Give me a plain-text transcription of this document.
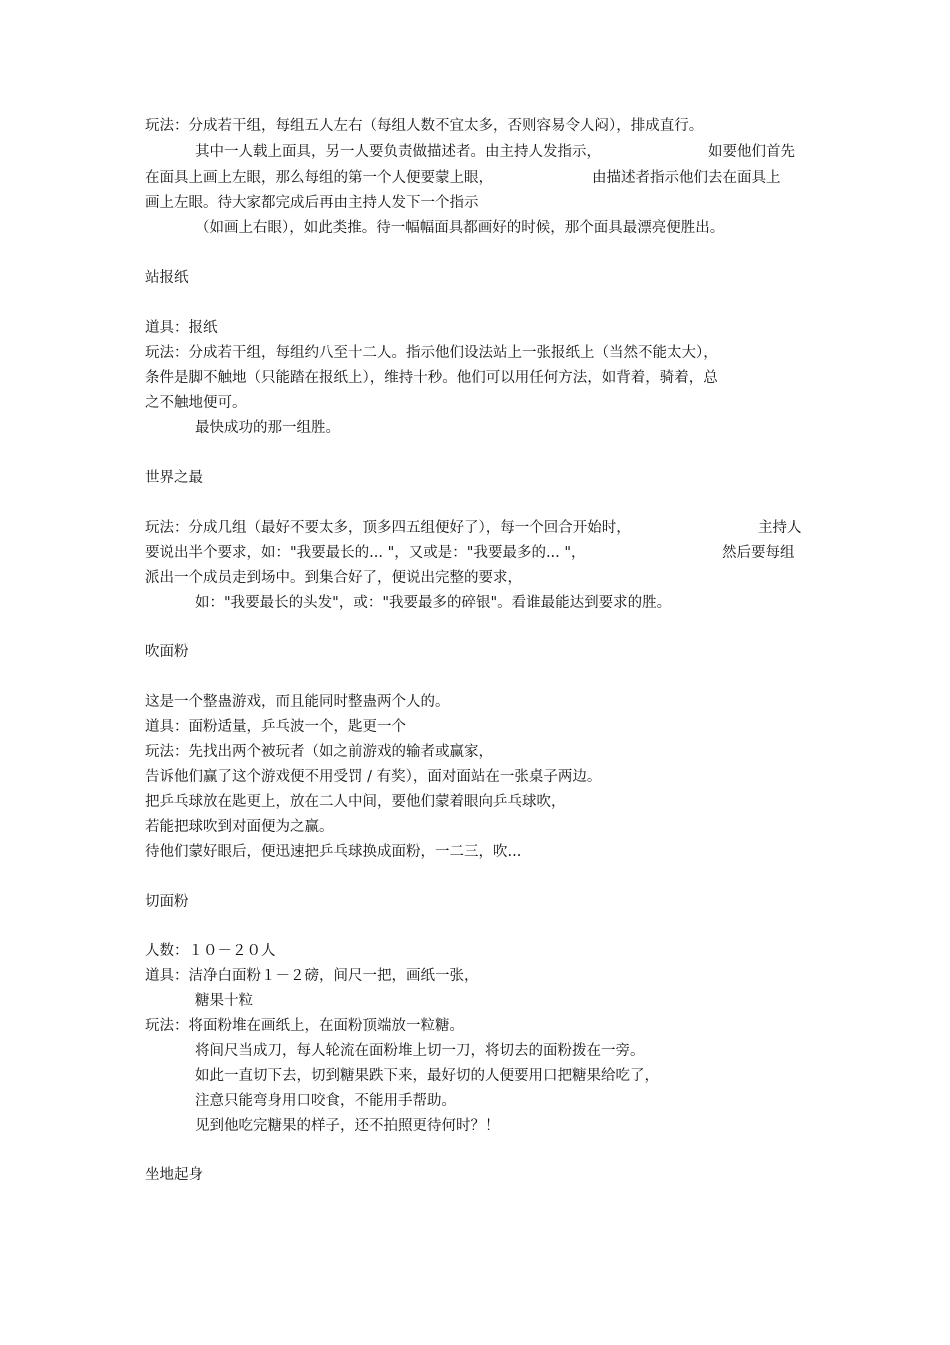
玩法：分成若干组，每组五人左右（每组人数不宜太多，否则容易令人闷），排成直行。
其中一人载上面具，另一人要负责做描述者。由主持人发指示，	如要他们首先
在面具上画上左眼，那么每组的第一个人便要蒙上眼，	由描述者指示他们去在面具上
画上左眼。待大家都完成后再由主持人发下一个指示
（如画上右眼），如此类推。待一幅幅面具都画好的时候，那个面具最漂亮便胜出。
站报纸
道具：报纸
玩法：分成若干组，每组约八至十二人。指示他们设法站上一张报纸上（当然不能太大），
条件是脚不触地（只能踏在报纸上），维持十秒。他们可以用任何方法，如背着，骑着，总
之不触地便可。
最快成功的那一组胜。
世界之最
玩法：分成几组（最好不要太多，顶多四五组便好了），每一个回合开始时，	主持人
要说出半个要求，如："我要最长的... "，又或是："我要最多的... "，	然后要每组
派出一个成员走到场中。到集合好了，便说出完整的要求，
如："我要最长的头发"，或："我要最多的碎银"。看谁最能达到要求的胜。
吹面粉
这是一个整蛊游戏，而且能同时整蛊两个人的。
道具：面粉适量，乒乓波一个，匙更一个
玩法：先找出两个被玩者（如之前游戏的输者或赢家，
告诉他们赢了这个游戏便不用受罚 / 有奖），面对面站在一张桌子两边。
把乒乓球放在匙更上，放在二人中间，要他们蒙着眼向乒乓球吹，
若能把球吹到对面便为之赢。
待他们蒙好眼后，便迅速把乒乓球换成面粉，一二三，吹...
切面粉
人数：１０－２０人
道具：洁净白面粉１－２磅，间尺一把，画纸一张，
糖果十粒
玩法：将面粉堆在画纸上，在面粉顶端放一粒糖。
将间尺当成刀，每人轮流在面粉堆上切一刀，将切去的面粉拨在一旁。
如此一直切下去，切到糖果跌下来，最好切的人便要用口把糖果给吃了，
注意只能弯身用口咬食，不能用手帮助。
见到他吃完糖果的样子，还不拍照更待何时？！
坐地起身
